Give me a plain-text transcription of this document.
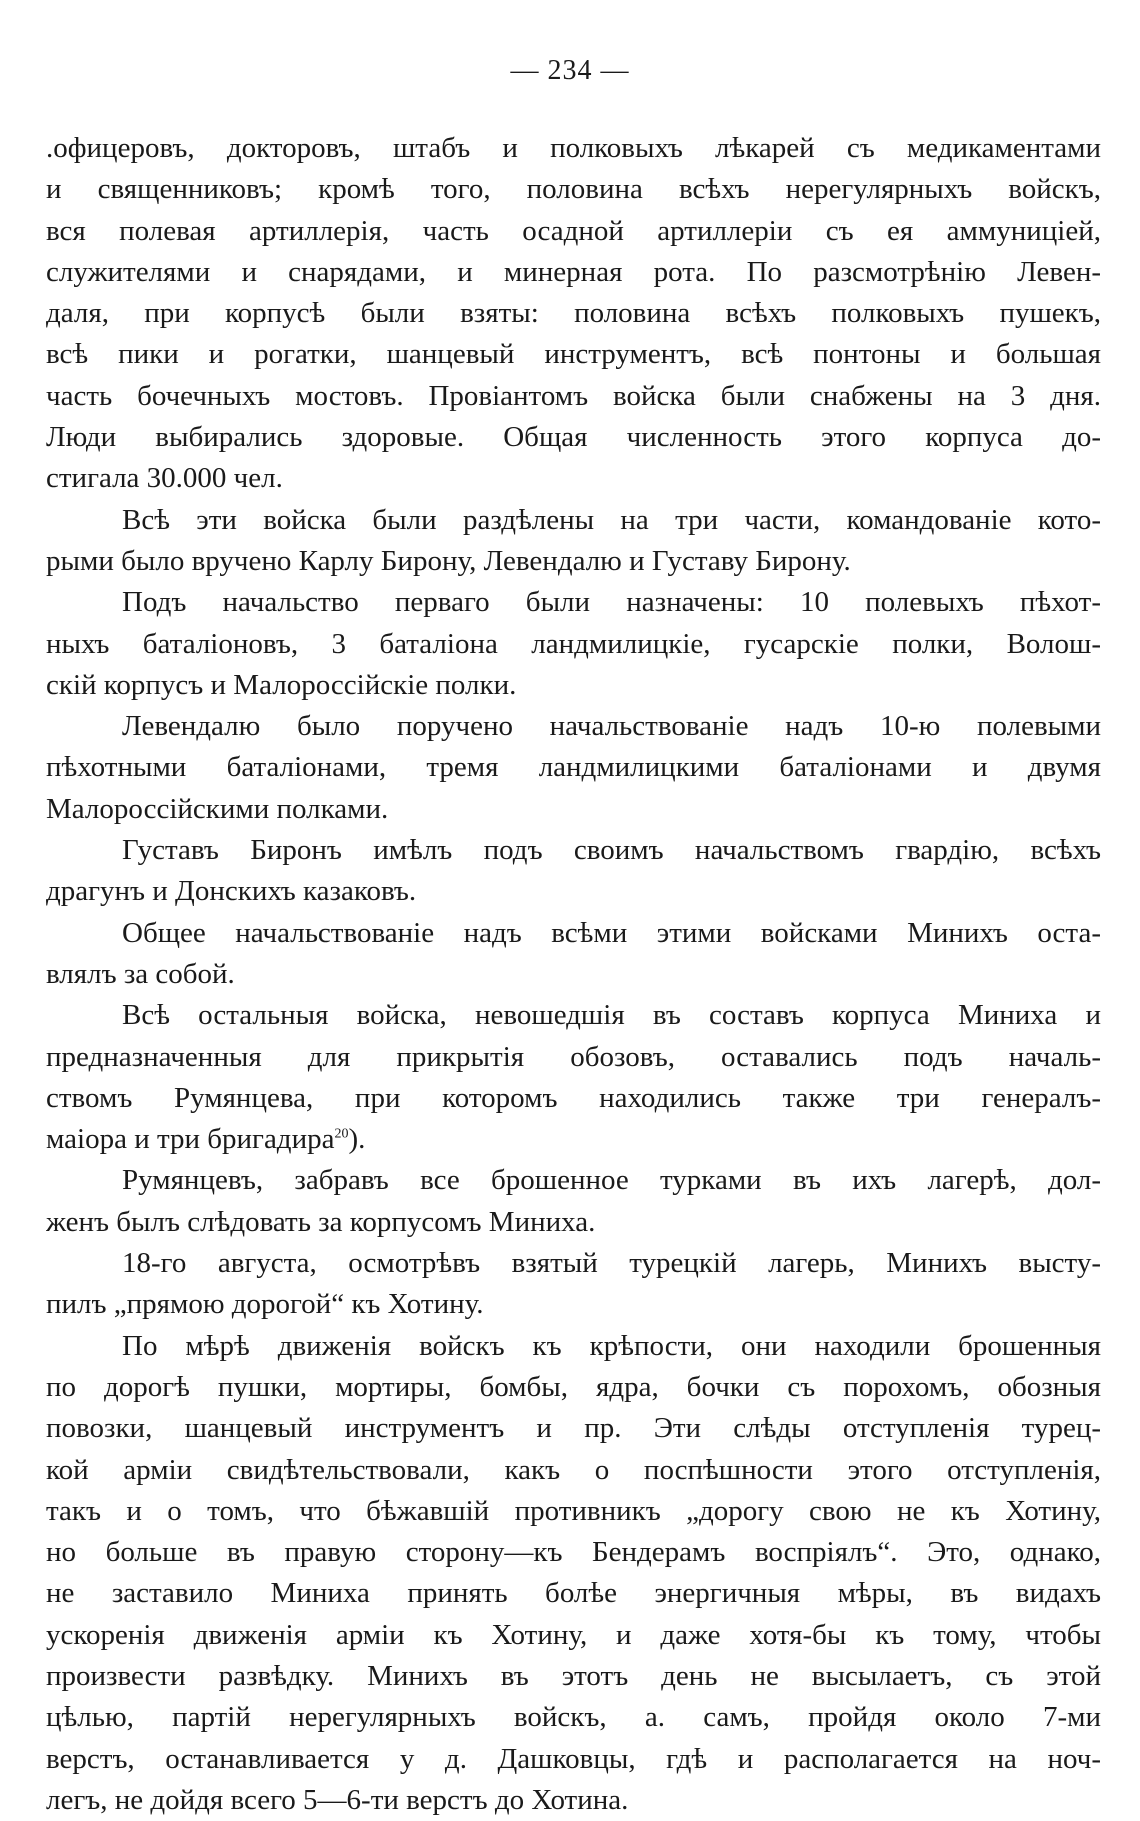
— 234 —
.офицеровъ, докторовъ, штабъ и полковыхъ лѣкарей съ медикаментами
и священниковъ; кромѣ того, половина всѣхъ нерегулярныхъ войскъ,
вся полевая артиллерія, часть осадной артиллеріи съ ея аммуницiей,
служителями и снарядами, и минерная рота. По разсмотрѣнію Левен-
даля, при корпусѣ были взяты: половина всѣхъ полковыхъ пушекъ,
всѣ пики и рогатки, шанцевый инструментъ, всѣ понтоны и большая
часть бочечныхъ мостовъ. Провіантомъ войска были снабжены на 3 дня.
Люди выбирались здоровые. Общая численность этого корпуса до-
стигала 30.000 чел.
Всѣ эти войска были раздѣлены на три части, командованіе кото-
рыми было вручено Карлу Бирону, Левендалю и Густаву Бирону.
Подъ начальство перваго были назначены: 10 полевыхъ пѣхот-
ныхъ баталіоновъ, 3 баталіона ландмилицкіе, гусарскіе полки, Волош-
скій корпусъ и Малороссійскіе полки.
Левендалю было поручено начальствованіе надъ 10-ю полевыми
пѣхотными баталіонами, тремя ландмилицкими баталіонами и двумя
Малороссійскими полками.
Густавъ Биронъ имѣлъ подъ своимъ начальствомъ гвардію, всѣхъ
драгунъ и Донскихъ казаковъ.
Общее начальствованіе надъ всѣми этими войсками Минихъ оста-
влялъ за собой.
Всѣ остальныя войска, невошедшія въ составъ корпуса Миниха и
предназначенныя для прикрытія обозовъ, оставались подъ началь-
ствомъ Румянцева, при которомъ находились также три генералъ-
маіора и три бригадира$^{20}$).
Румянцевъ, забравъ все брошенное турками въ ихъ лагерѣ, дол-
женъ былъ слѣдовать за корпусомъ Миниха.
18-го августа, осмотрѣвъ взятый турецкій лагерь, Минихъ высту-
пилъ „прямою дорогой“ къ Хотину.
По мѣрѣ движенія войскъ къ крѣпости, они находили брошенныя
по дорогѣ пушки, мортиры, бомбы, ядра, бочки съ порохомъ, обозныя
повозки, шанцевый инструментъ и пр. Эти слѣды отступленія турец-
кой арміи свидѣтельствовали, какъ о поспѣшности этого отступленія,
такъ и о томъ, что бѣжавшій противникъ „дорогу свою не къ Хотину,
но больше въ правую сторону—къ Бендерамъ воспріялъ“. Это, однако,
не заставило Миниха принять болѣе энергичныя мѣры, въ видахъ
ускоренія движенія арміи къ Хотину, и даже хотя-бы къ тому, чтобы
произвести развѣдку. Минихъ въ этотъ день не высылаетъ, съ этой
цѣлью, партій нерегулярныхъ войскъ, а. самъ, пройдя около 7-ми
верстъ, останавливается у д. Дашковцы, гдѣ и располагается на ноч-
легъ, не дойдя всего 5—6-ти верстъ до Хотина.
